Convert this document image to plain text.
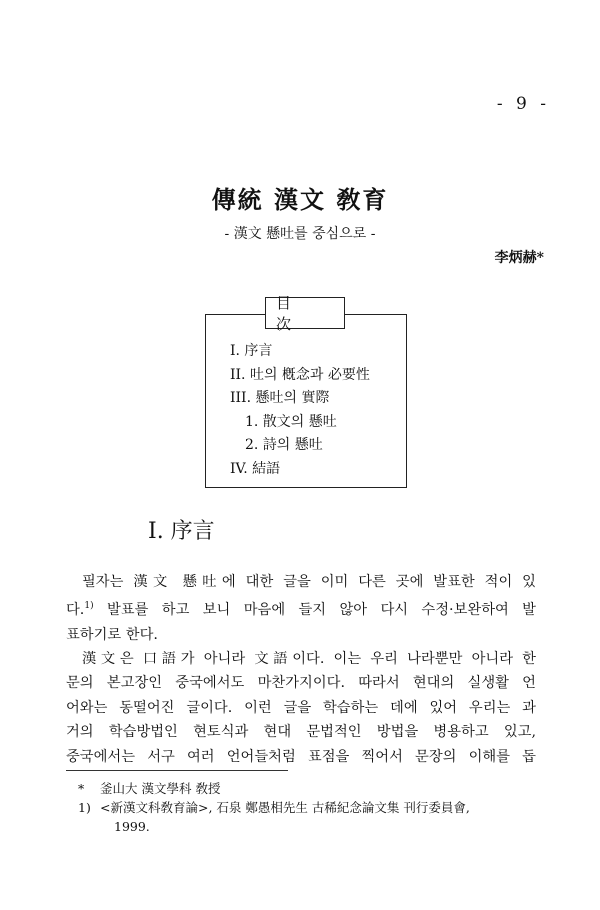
- 9 -
傳統 漢文 敎育
- 漢文 懸吐를 중심으로 -
李炳赫*
目 次
I. 序言
II. 吐의 槪念과 必要性
III. 懸吐의 實際
1. 散文의 懸吐
2. 詩의 懸吐
IV. 結語
I. 序言
필자는 漢文 懸吐에 대한 글을 이미 다른 곳에 발표한 적이 있
다.$^{1)}$ 발표를 하고 보니 마음에 들지 않아 다시 수정·보완하여 발
표하기로 한다.
漢文은 口語가 아니라 文語이다. 이는 우리 나라뿐만 아니라 한
문의 본고장인 중국에서도 마찬가지이다. 따라서 현대의 실생활 언
어와는 동떨어진 글이다. 이런 글을 학습하는 데에 있어 우리는 과
거의 학습방법인 현토식과 현대 문법적인 방법을 병용하고 있고,
중국에서는 서구 여러 언어들처럼 표점을 찍어서 문장의 이해를 돕
* 釜山大 漢文學科 敎授
1) <新漢文科敎育論>, 石泉 鄭愚相先生 古稀紀念論文集 刊行委員會,
1999.
